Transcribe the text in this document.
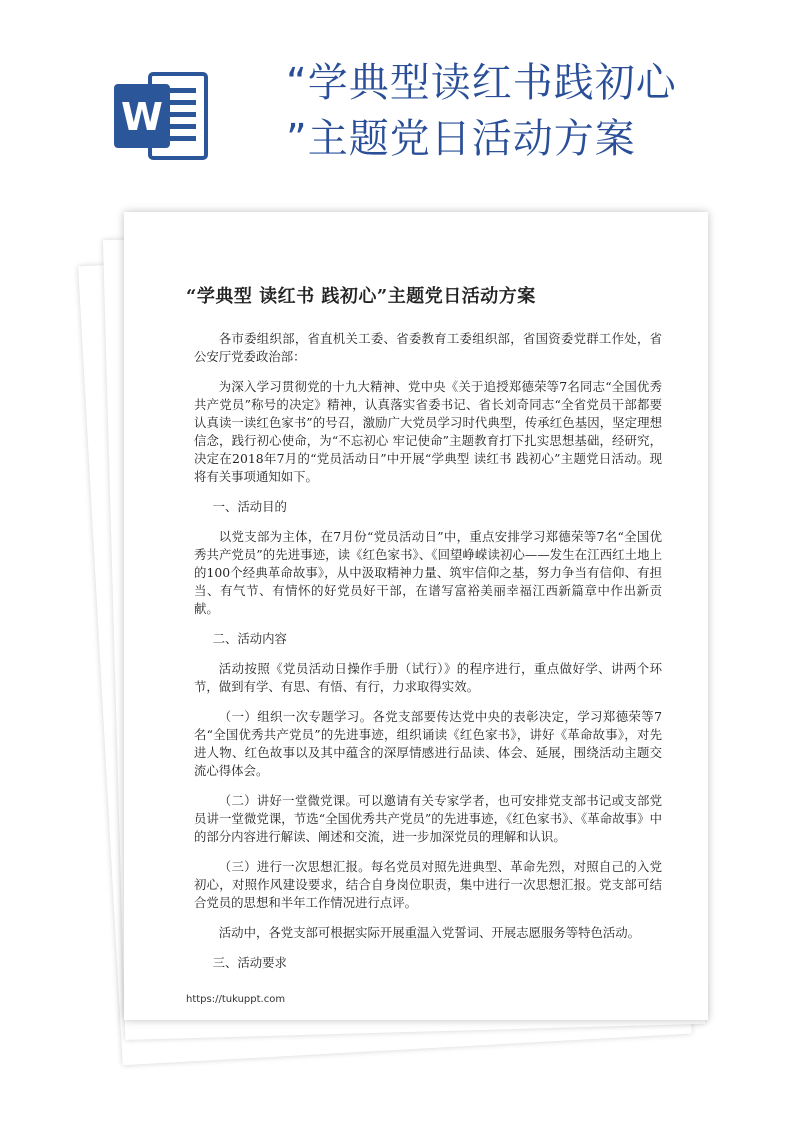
W
“学典型读红书践初心
”主题党日活动方案
“学典型 读红书 践初心”主题党日活动方案

各市委组织部，省直机关工委、省委教育工委组织部，省国资委党群工作处，省公安厅党委政治部：

为深入学习贯彻党的十九大精神、党中央《关于追授郑德荣等7名同志“全国优秀共产党员”称号的决定》精神，认真落实省委书记、省长刘奇同志“全省党员干部都要认真读一读红色家书”的号召，激励广大党员学习时代典型，传承红色基因，坚定理想信念，践行初心使命，为“不忘初心 牢记使命”主题教育打下扎实思想基础，经研究，决定在2018年7月的“党员活动日”中开展“学典型 读红书 践初心”主题党日活动。现将有关事项通知如下。

一、活动目的

以党支部为主体，在7月份“党员活动日”中，重点安排学习郑德荣等7名“全国优秀共产党员”的先进事迹，读《红色家书》、《回望峥嵘读初心——发生在江西红土地上的100个经典革命故事》，从中汲取精神力量、筑牢信仰之基，努力争当有信仰、有担当、有气节、有情怀的好党员好干部，在谱写富裕美丽幸福江西新篇章中作出新贡献。

二、活动内容

活动按照《党员活动日操作手册（试行）》的程序进行，重点做好学、讲两个环节，做到有学、有思、有悟、有行，力求取得实效。

（一）组织一次专题学习。各党支部要传达党中央的表彰决定，学习郑德荣等7名“全国优秀共产党员”的先进事迹，组织诵读《红色家书》，讲好《革命故事》，对先进人物、红色故事以及其中蕴含的深厚情感进行品读、体会、延展，围绕活动主题交流心得体会。

（二）讲好一堂微党课。可以邀请有关专家学者，也可安排党支部书记或支部党员讲一堂微党课，节选“全国优秀共产党员”的先进事迹，《红色家书》、《革命故事》中的部分内容进行解读、阐述和交流，进一步加深党员的理解和认识。

（三）进行一次思想汇报。每名党员对照先进典型、革命先烈，对照自己的入党初心，对照作风建设要求，结合自身岗位职责，集中进行一次思想汇报。党支部可结合党员的思想和半年工作情况进行点评。

活动中，各党支部可根据实际开展重温入党誓词、开展志愿服务等特色活动。

三、活动要求

https://tukuppt.com
